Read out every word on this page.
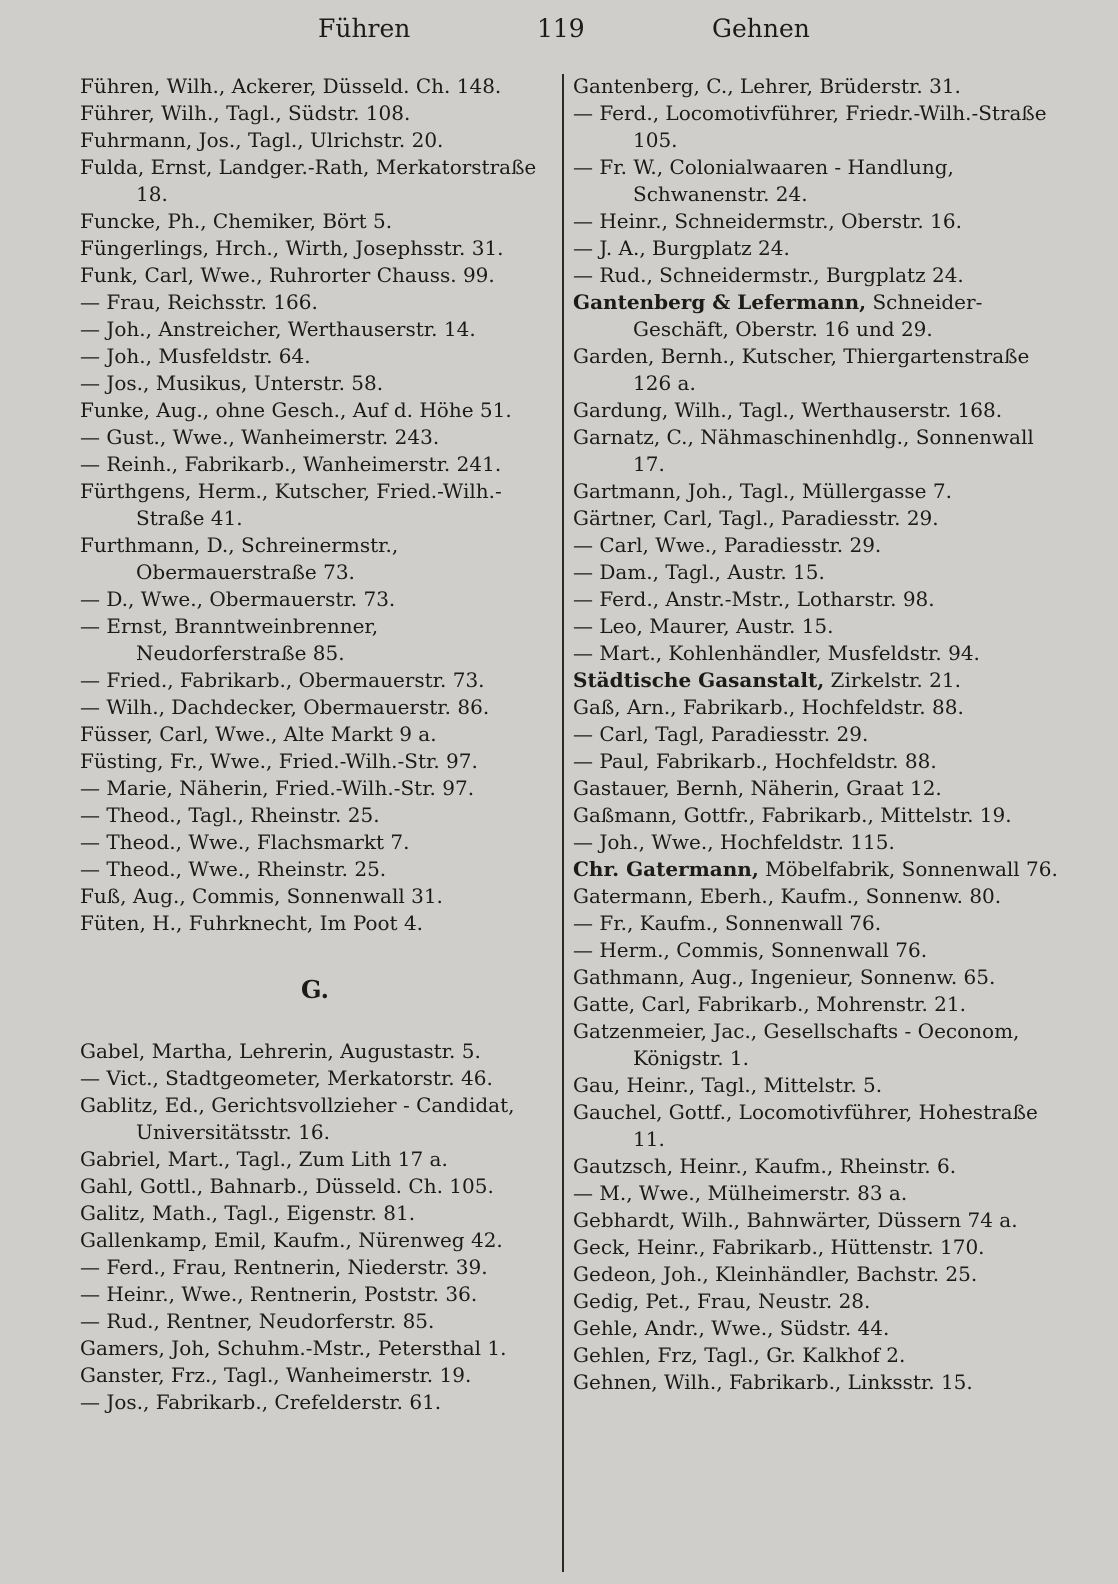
Führen	119	Gehnen
Führen, Wilh., Ackerer, Düsseld. Ch. 148.
Führer, Wilh., Tagl., Südstr. 108.
Fuhrmann, Jos., Tagl., Ulrichstr. 20.
Fulda, Ernst, Landger.-Rath, Merkatorstraße 18.
Funcke, Ph., Chemiker, Bört 5.
Füngerlings, Hrch., Wirth, Josephsstr. 31.
Funk, Carl, Wwe., Ruhrorter Chauss. 99.
— Frau, Reichsstr. 166.
— Joh., Anstreicher, Werthauserstr. 14.
— Joh., Musfeldstr. 64.
— Jos., Musikus, Unterstr. 58.
Funke, Aug., ohne Gesch., Auf d. Höhe 51.
— Gust., Wwe., Wanheimerstr. 243.
— Reinh., Fabrikarb., Wanheimerstr. 241.
Fürthgens, Herm., Kutscher, Fried.-Wilh.-Straße 41.
Furthmann, D., Schreinermstr., Obermauerstraße 73.
— D., Wwe., Obermauerstr. 73.
— Ernst, Branntweinbrenner, Neudorferstraße 85.
— Fried., Fabrikarb., Obermauerstr. 73.
— Wilh., Dachdecker, Obermauerstr. 86.
Füsser, Carl, Wwe., Alte Markt 9 a.
Füsting, Fr., Wwe., Fried.-Wilh.-Str. 97.
— Marie, Näherin, Fried.-Wilh.-Str. 97.
— Theod., Tagl., Rheinstr. 25.
— Theod., Wwe., Flachsmarkt 7.
— Theod., Wwe., Rheinstr. 25.
Fuß, Aug., Commis, Sonnenwall 31.
Füten, H., Fuhrknecht, Im Poot 4.
G.
Gabel, Martha, Lehrerin, Augustastr. 5.
— Vict., Stadtgeometer, Merkatorstr. 46.
Gablitz, Ed., Gerichtsvollzieher - Candidat, Universitätsstr. 16.
Gabriel, Mart., Tagl., Zum Lith 17 a.
Gahl, Gottl., Bahnarb., Düsseld. Ch. 105.
Galitz, Math., Tagl., Eigenstr. 81.
Gallenkamp, Emil, Kaufm., Nürenweg 42.
— Ferd., Frau, Rentnerin, Niederstr. 39.
— Heinr., Wwe., Rentnerin, Poststr. 36.
— Rud., Rentner, Neudorferstr. 85.
Gamers, Joh, Schuhm.-Mstr., Petersthal 1.
Ganster, Frz., Tagl., Wanheimerstr. 19.
— Jos., Fabrikarb., Crefelderstr. 61.
Gantenberg, C., Lehrer, Brüderstr. 31.
— Ferd., Locomotivführer, Friedr.-Wilh.-Straße 105.
— Fr. W., Colonialwaaren - Handlung, Schwanenstr. 24.
— Heinr., Schneidermstr., Oberstr. 16.
— J. A., Burgplatz 24.
— Rud., Schneidermstr., Burgplatz 24.
Gantenberg & Lefermann, Schneider-Geschäft, Oberstr. 16 und 29.
Garden, Bernh., Kutscher, Thiergartenstraße 126 a.
Gardung, Wilh., Tagl., Werthauserstr. 168.
Garnatz, C., Nähmaschinenhdlg., Sonnenwall 17.
Gartmann, Joh., Tagl., Müllergasse 7.
Gärtner, Carl, Tagl., Paradiesstr. 29.
— Carl, Wwe., Paradiesstr. 29.
— Dam., Tagl., Austr. 15.
— Ferd., Anstr.-Mstr., Lotharstr. 98.
— Leo, Maurer, Austr. 15.
— Mart., Kohlenhändler, Musfeldstr. 94.
Städtische Gasanstalt, Zirkelstr. 21.
Gaß, Arn., Fabrikarb., Hochfeldstr. 88.
— Carl, Tagl, Paradiesstr. 29.
— Paul, Fabrikarb., Hochfeldstr. 88.
Gastauer, Bernh, Näherin, Graat 12.
Gaßmann, Gottfr., Fabrikarb., Mittelstr. 19.
— Joh., Wwe., Hochfeldstr. 115.
Chr. Gatermann, Möbelfabrik, Sonnenwall 76.
Gatermann, Eberh., Kaufm., Sonnenw. 80.
— Fr., Kaufm., Sonnenwall 76.
— Herm., Commis, Sonnenwall 76.
Gathmann, Aug., Ingenieur, Sonnenw. 65.
Gatte, Carl, Fabrikarb., Mohrenstr. 21.
Gatzenmeier, Jac., Gesellschafts - Oeconom, Königstr. 1.
Gau, Heinr., Tagl., Mittelstr. 5.
Gauchel, Gottf., Locomotivführer, Hohestraße 11.
Gautzsch, Heinr., Kaufm., Rheinstr. 6.
— M., Wwe., Mülheimerstr. 83 a.
Gebhardt, Wilh., Bahnwärter, Düssern 74 a.
Geck, Heinr., Fabrikarb., Hüttenstr. 170.
Gedeon, Joh., Kleinhändler, Bachstr. 25.
Gedig, Pet., Frau, Neustr. 28.
Gehle, Andr., Wwe., Südstr. 44.
Gehlen, Frz, Tagl., Gr. Kalkhof 2.
Gehnen, Wilh., Fabrikarb., Linksstr. 15.
